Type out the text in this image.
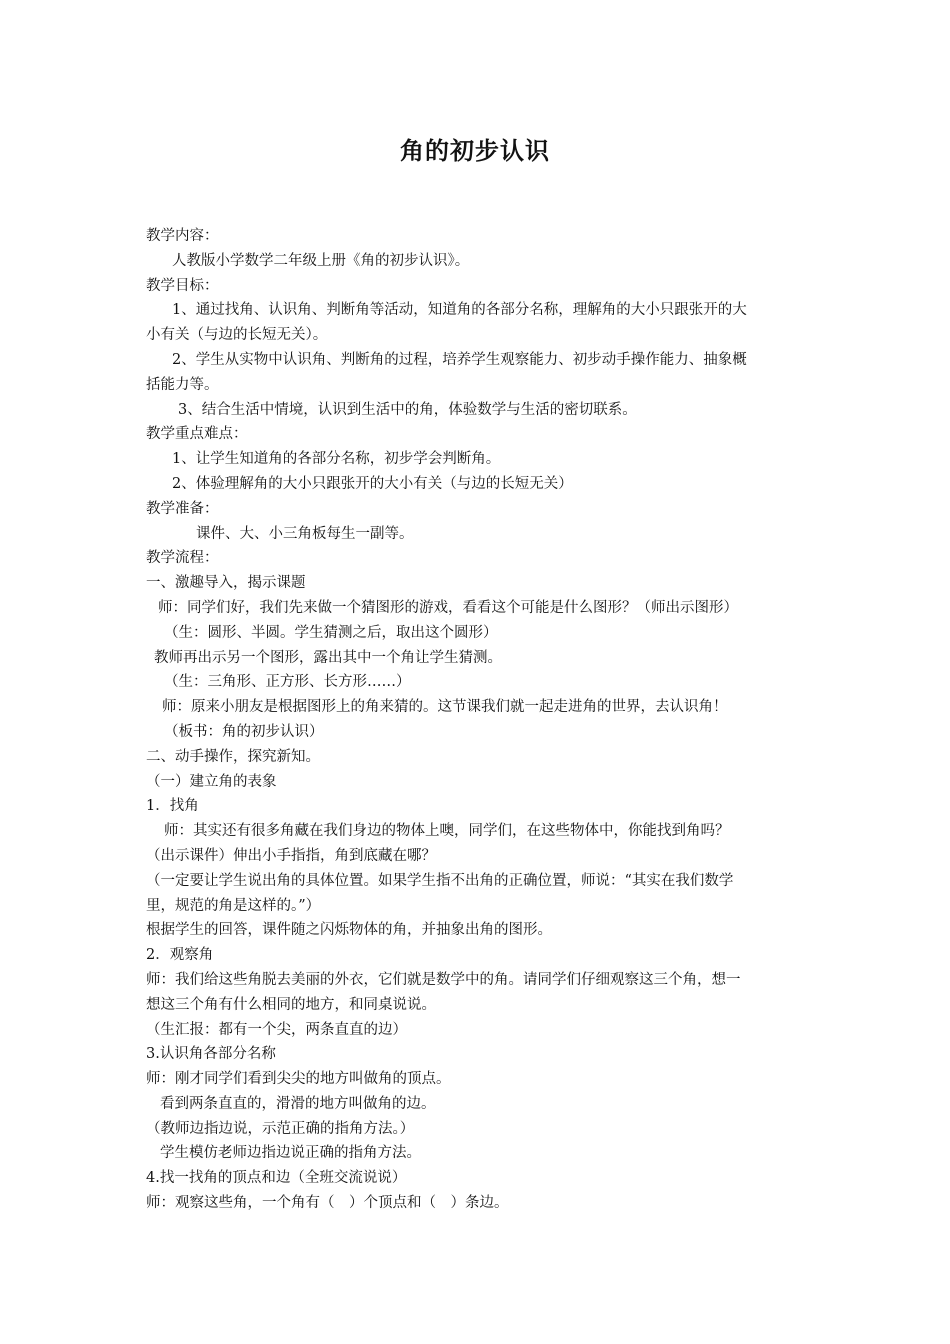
角的初步认识
教学内容：
人教版小学数学二年级上册《角的初步认识》。
教学目标：
1、通过找角、认识角、判断角等活动，知道角的各部分名称，理解角的大小只跟张开的大
小有关（与边的长短无关）。
2、学生从实物中认识角、判断角的过程，培养学生观察能力、初步动手操作能力、抽象概
括能力等。
3、结合生活中情境，认识到生活中的角，体验数学与生活的密切联系。
教学重点难点：
1、让学生知道角的各部分名称，初步学会判断角。
2、体验理解角的大小只跟张开的大小有关（与边的长短无关）
教学准备：
课件、大、小三角板每生一副等。
教学流程：
一、激趣导入，揭示课题
师：同学们好，我们先来做一个猜图形的游戏，看看这个可能是什么图形？（师出示图形）
（生：圆形、半圆。学生猜测之后，取出这个圆形）
教师再出示另一个图形，露出其中一个角让学生猜测。
（生：三角形、正方形、长方形……）
师：原来小朋友是根据图形上的角来猜的。这节课我们就一起走进角的世界，去认识角！
（板书：角的初步认识）
二、动手操作，探究新知。
（一）建立角的表象
1．找角
师：其实还有很多角藏在我们身边的物体上噢，同学们，在这些物体中，你能找到角吗？
（出示课件）伸出小手指指，角到底藏在哪？
（一定要让学生说出角的具体位置。如果学生指不出角的正确位置，师说：“其实在我们数学
里，规范的角是这样的。”）
根据学生的回答，课件随之闪烁物体的角，并抽象出角的图形。
2．观察角
师：我们给这些角脱去美丽的外衣，它们就是数学中的角。请同学们仔细观察这三个角，想一
想这三个角有什么相同的地方，和同桌说说。
（生汇报：都有一个尖，两条直直的边）
3.认识角各部分名称
师：刚才同学们看到尖尖的地方叫做角的顶点。
看到两条直直的，滑滑的地方叫做角的边。
（教师边指边说，示范正确的指角方法。）
学生模仿老师边指边说正确的指角方法。
4.找一找角的顶点和边（全班交流说说）
师：观察这些角，一个角有（　）个顶点和（　）条边。
